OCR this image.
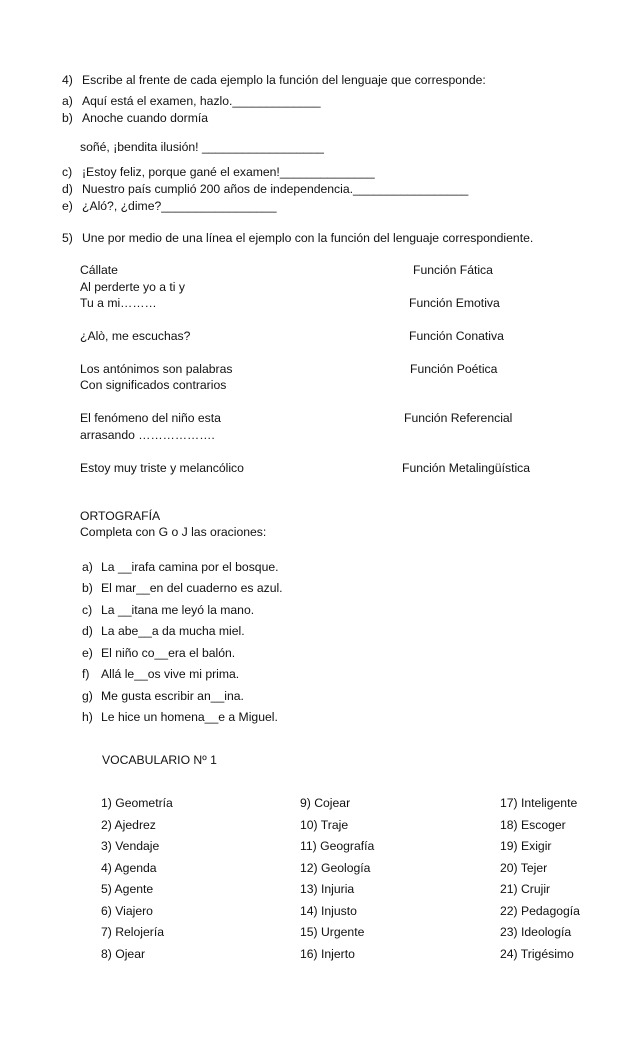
4) Escribe al frente de cada ejemplo la función del lenguaje que corresponde:
a) Aquí está el examen, hazlo._____________
b) Anoche cuando dormía
soñé, ¡bendita ilusión! __________________
c) ¡Estoy feliz, porque gané el examen!______________
d) Nuestro país cumplió 200 años de independencia._________________
e) ¿Aló?, ¿dime?_________________
5) Une por medio de una línea el ejemplo con la función del lenguaje correspondiente.
Cállate
Al perderte yo a ti y
Tu a mi………
¿Alò, me escuchas?
Los antónimos son palabras
Con significados contrarios
El fenómeno del niño esta
arrasando ……………….
Estoy muy triste y melancólico
Función Fática
Función Emotiva
Función Conativa
Función Poética
Función Referencial
Función Metalingüística
ORTOGRAFÍA
Completa con G o J las oraciones:
a) La __irafa camina por el bosque.
b) El mar__en del cuaderno es azul.
c) La __itana me leyó la mano.
d) La abe__a da mucha miel.
e) El niño co__era el balón.
f) Allá le__os vive mi prima.
g) Me gusta escribir an__ina.
h) Le hice un homena__e a Miguel.
VOCABULARIO Nº 1
1) Geometría
2) Ajedrez
3) Vendaje
4) Agenda
5) Agente
6) Viajero
7) Relojería
8) Ojear
9) Cojear
10) Traje
11) Geografía
12) Geología
13) Injuria
14) Injusto
15) Urgente
16) Injerto
17) Inteligente
18) Escoger
19) Exigir
20) Tejer
21) Crujir
22) Pedagogía
23) Ideología
24) Trigésimo
